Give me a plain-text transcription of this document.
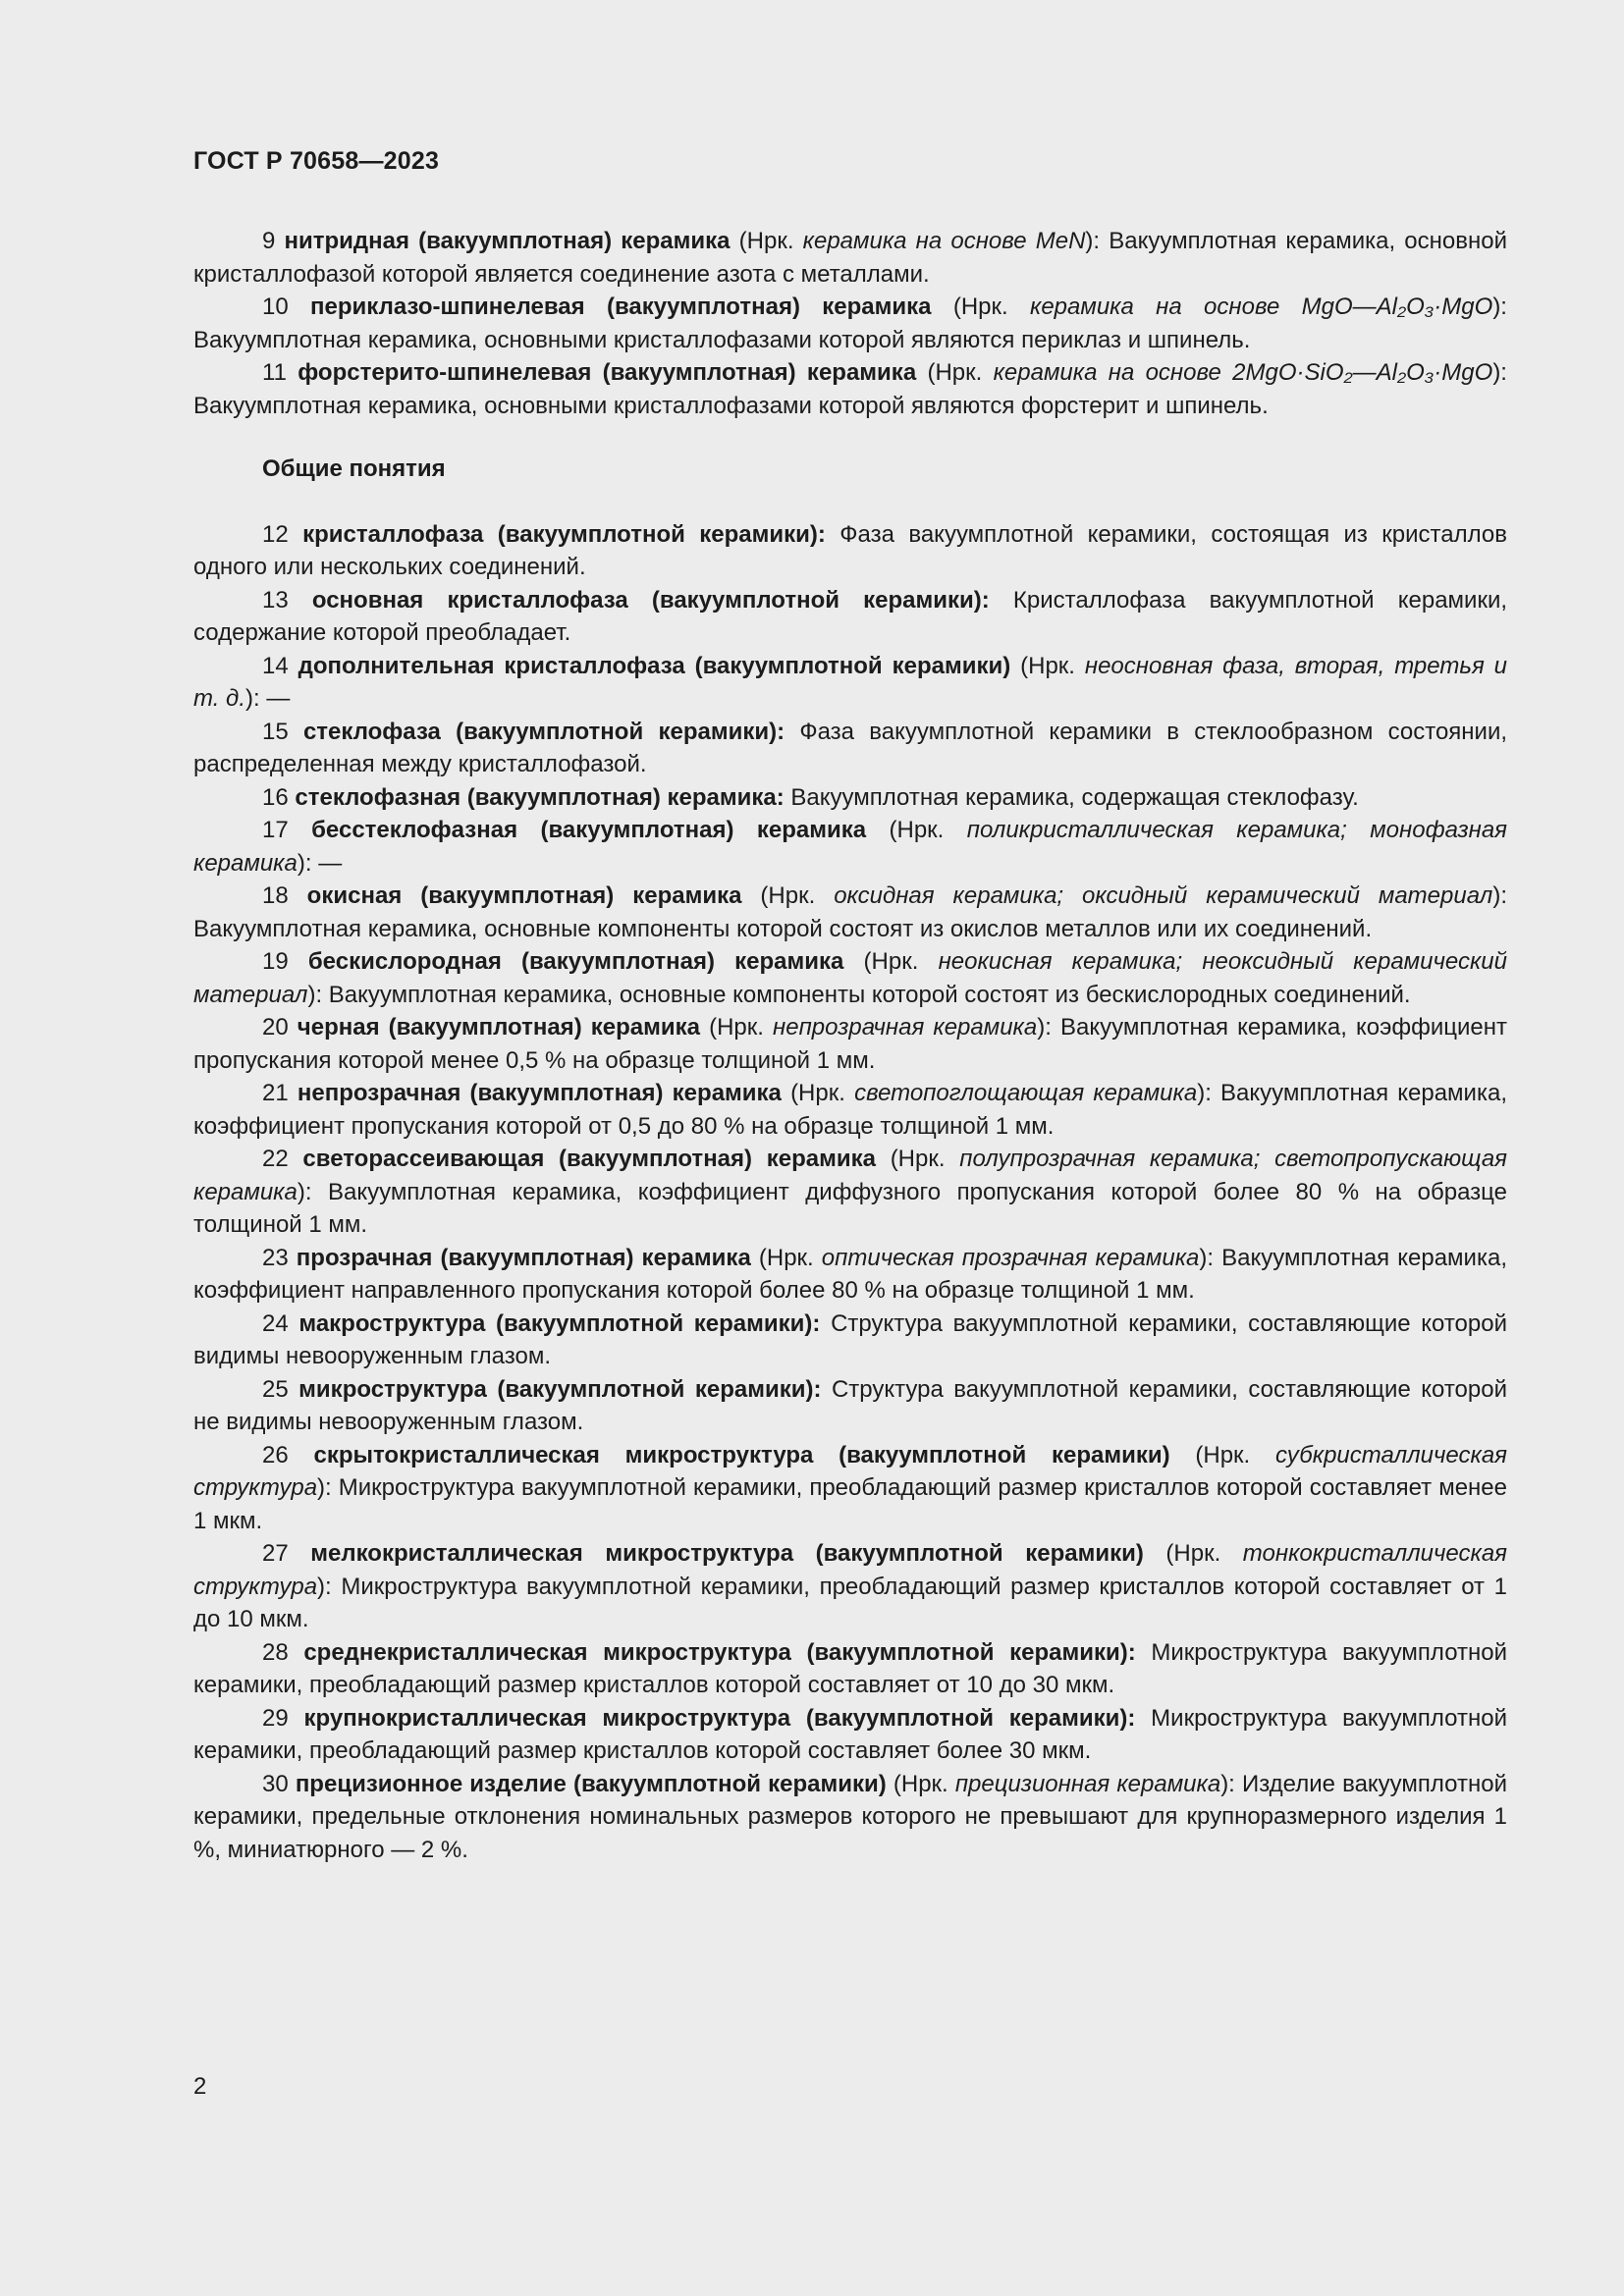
ГОСТ Р 70658—2023

9 нитридная (вакуумплотная) керамика (Нрк. керамика на основе MeN): Вакуумплотная керамика, основной кристаллофазой которой является соединение азота с металлами.

10 периклазо-шпинелевая (вакуумплотная) керамика (Нрк. керамика на основе MgO—Al₂O₃·MgO): Вакуумплотная керамика, основными кристаллофазами которой являются периклаз и шпинель.

11 форстерито-шпинелевая (вакуумплотная) керамика (Нрк. керамика на основе 2MgO·SiO₂—Al₂O₃·MgO): Вакуумплотная керамика, основными кристаллофазами которой являются форстерит и шпинель.

Общие понятия

12 кристаллофаза (вакуумплотной керамики): Фаза вакуумплотной керамики, состоящая из кристаллов одного или нескольких соединений.

13 основная кристаллофаза (вакуумплотной керамики): Кристаллофаза вакуумплотной керамики, содержание которой преобладает.

14 дополнительная кристаллофаза (вакуумплотной керамики) (Нрк. неосновная фаза, вторая, третья и т. д.): —

15 стеклофаза (вакуумплотной керамики): Фаза вакуумплотной керамики в стеклообразном состоянии, распределенная между кристаллофазой.

16 стеклофазная (вакуумплотная) керамика: Вакуумплотная керамика, содержащая стеклофазу.

17 бесстеклофазная (вакуумплотная) керамика (Нрк. поликристаллическая керамика; монофазная керамика): —

18 окисная (вакуумплотная) керамика (Нрк. оксидная керамика; оксидный керамический материал): Вакуумплотная керамика, основные компоненты которой состоят из окислов металлов или их соединений.

19 бескислородная (вакуумплотная) керамика (Нрк. неокисная керамика; неоксидный керамический материал): Вакуумплотная керамика, основные компоненты которой состоят из бескислородных соединений.

20 черная (вакуумплотная) керамика (Нрк. непрозрачная керамика): Вакуумплотная керамика, коэффициент пропускания которой менее 0,5 % на образце толщиной 1 мм.

21 непрозрачная (вакуумплотная) керамика (Нрк. светопоглощающая керамика): Вакуумплотная керамика, коэффициент пропускания которой от 0,5 до 80 % на образце толщиной 1 мм.

22 светорассеивающая (вакуумплотная) керамика (Нрк. полупрозрачная керамика; светопропускающая керамика): Вакуумплотная керамика, коэффициент диффузного пропускания которой более 80 % на образце толщиной 1 мм.

23 прозрачная (вакуумплотная) керамика (Нрк. оптическая прозрачная керамика): Вакуумплотная керамика, коэффициент направленного пропускания которой более 80 % на образце толщиной 1 мм.

24 макроструктура (вакуумплотной керамики): Структура вакуумплотной керамики, составляющие которой видимы невооруженным глазом.

25 микроструктура (вакуумплотной керамики): Структура вакуумплотной керамики, составляющие которой не видимы невооруженным глазом.

26 скрытокристаллическая микроструктура (вакуумплотной керамики) (Нрк. субкристаллическая структура): Микроструктура вакуумплотной керамики, преобладающий размер кристаллов которой составляет менее 1 мкм.

27 мелкокристаллическая микроструктура (вакуумплотной керамики) (Нрк. тонкокристаллическая структура): Микроструктура вакуумплотной керамики, преобладающий размер кристаллов которой составляет от 1 до 10 мкм.

28 среднекристаллическая микроструктура (вакуумплотной керамики): Микроструктура вакуумплотной керамики, преобладающий размер кристаллов которой составляет от 10 до 30 мкм.

29 крупнокристаллическая микроструктура (вакуумплотной керамики): Микроструктура вакуумплотной керамики, преобладающий размер кристаллов которой составляет более 30 мкм.

30 прецизионное изделие (вакуумплотной керамики) (Нрк. прецизионная керамика): Изделие вакуумплотной керамики, предельные отклонения номинальных размеров которого не превышают для крупноразмерного изделия 1 %, миниатюрного — 2 %.

2
